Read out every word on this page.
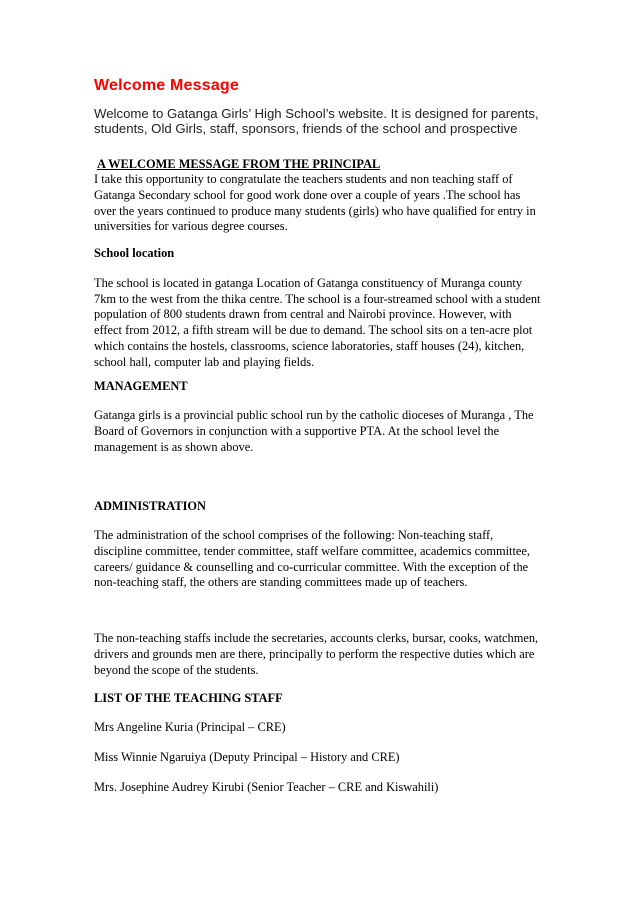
Welcome Message

Welcome to Gatanga Girls’ High School’s website. It is designed for parents, students, Old Girls, staff, sponsors, friends of the school and prospective

A WELCOME MESSAGE FROM THE PRINCIPAL

I take this opportunity to congratulate the teachers students and non teaching staff of Gatanga Secondary school for good work done over a couple of years .The school has over the years continued to produce many students (girls) who have qualified for entry in universities for various degree courses.

School location

The school is located in gatanga Location of Gatanga constituency of Muranga county 7km to the west from the thika centre. The school is a four-streamed school with a student population of 800 students drawn from central and Nairobi province. However, with effect from 2012, a fifth stream will be due to demand. The school sits on a ten-acre plot which contains the hostels, classrooms, science laboratories, staff houses (24), kitchen, school hall, computer lab and playing fields.

MANAGEMENT

Gatanga girls is a provincial public school run by the catholic dioceses of Muranga , The Board of Governors in conjunction with a supportive PTA. At the school level the management is as shown above.

ADMINISTRATION

The administration of the school comprises of the following: Non-teaching staff, discipline committee, tender committee, staff welfare committee, academics committee, careers/ guidance & counselling and co-curricular committee. With the exception of the non-teaching staff, the others are standing committees made up of teachers.

The non-teaching staffs include the secretaries, accounts clerks, bursar, cooks, watchmen, drivers and grounds men are there, principally to perform the respective duties which are beyond the scope of the students.

LIST OF THE TEACHING STAFF
Mrs Angeline Kuria (Principal – CRE)
Miss Winnie Ngaruiya (Deputy Principal – History and CRE)
Mrs. Josephine Audrey Kirubi (Senior Teacher – CRE and Kiswahili)
